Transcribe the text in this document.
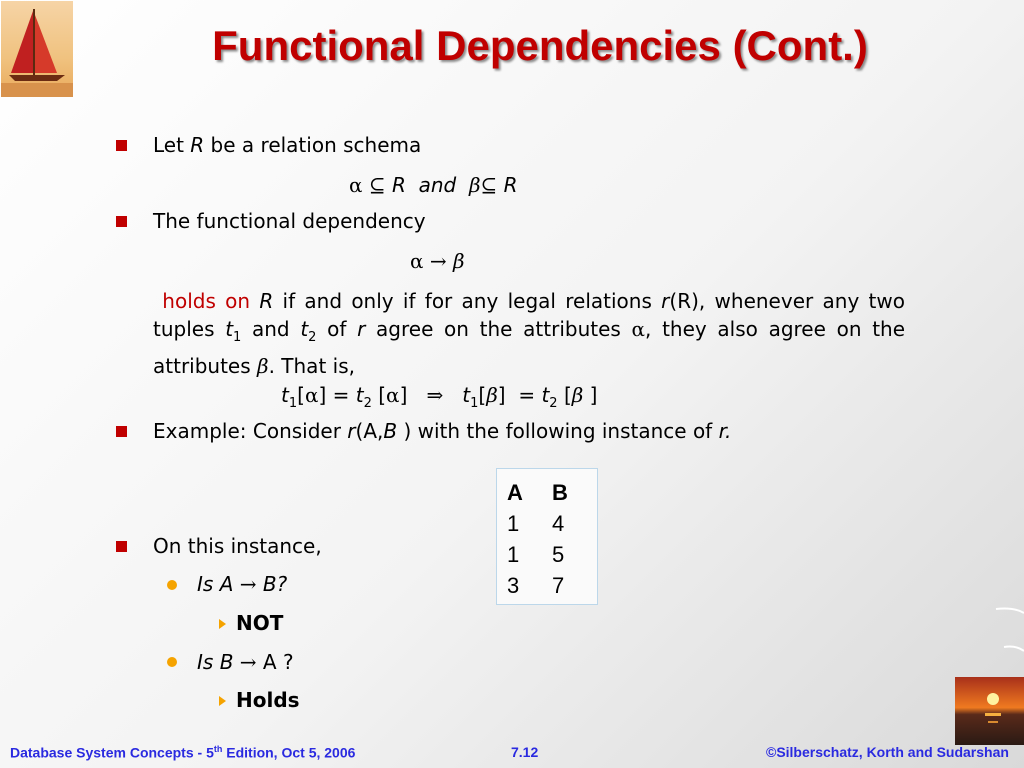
Functional Dependencies (Cont.)
Let R be a relation schema
α ⊆ R and β⊆ R
The functional dependency
α → β
holds on R if and only if for any legal relations r(R), whenever any two tuples $t_1$ and $t_2$ of r agree on the attributes α, they also agree on the attributes β. That is,
$t_1[\alpha] = t_2$ [α] ⇒ $t_1[\beta] = t_2$ [β ]
Example: Consider r(A,B ) with the following instance of r.
A	B
1	4
1	5
3	7
On this instance,
Is A → B?
NOT
Is B → A ?
Holds
Database System Concepts - 5th Edition, Oct 5, 2006	7.12	©Silberschatz, Korth and Sudarshan
